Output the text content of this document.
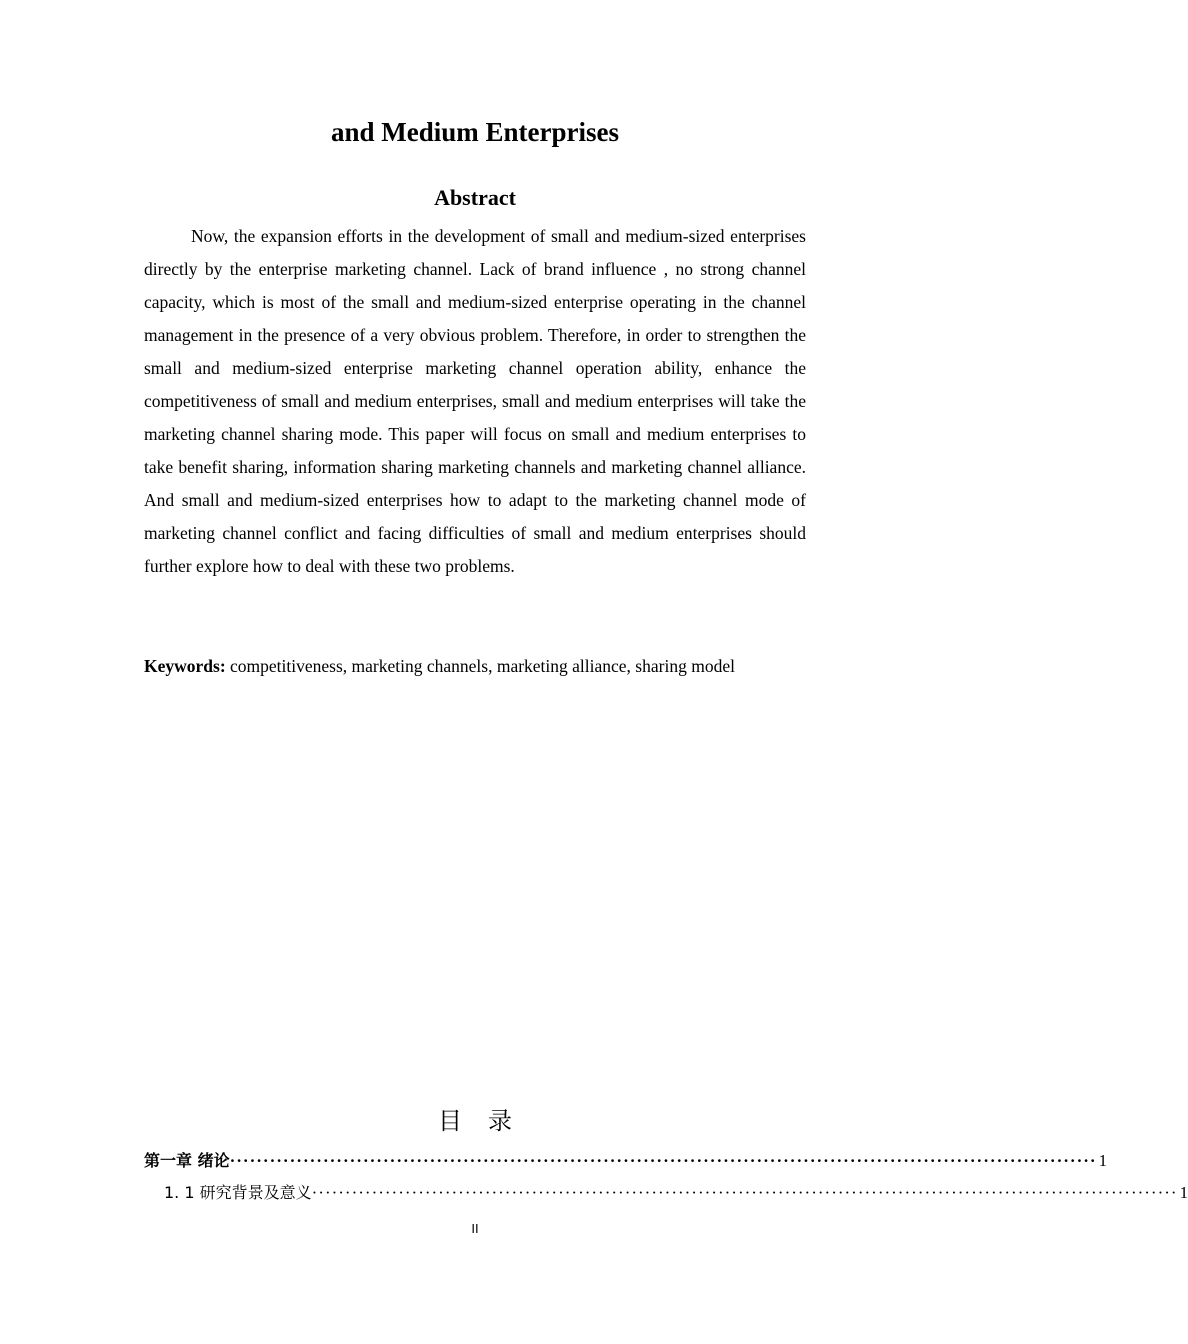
and Medium Enterprises
Abstract

Now, the expansion efforts in the development of small and medium-sized enterprises directly by the enterprise marketing channel. Lack of brand influence , no strong channel capacity, which is most of the small and medium-sized enterprise operating in the channel management in the presence of a very obvious problem. Therefore, in order to strengthen the small and medium-sized enterprise marketing channel operation ability, enhance the competitiveness of small and medium enterprises, small and medium enterprises will take the marketing channel sharing mode. This paper will focus on small and medium enterprises to take benefit sharing, information sharing marketing channels and marketing channel alliance. And small and medium-sized enterprises how to adapt to the marketing channel mode of marketing channel conflict and facing difficulties of small and medium enterprises should further explore how to deal with these two problems.

Keywords: competitiveness, marketing channels, marketing alliance, sharing model

目 录
第一章 绪论 ·································································································································· 1
1. 1 研究背景及意义 ·································································································································· 1
II
